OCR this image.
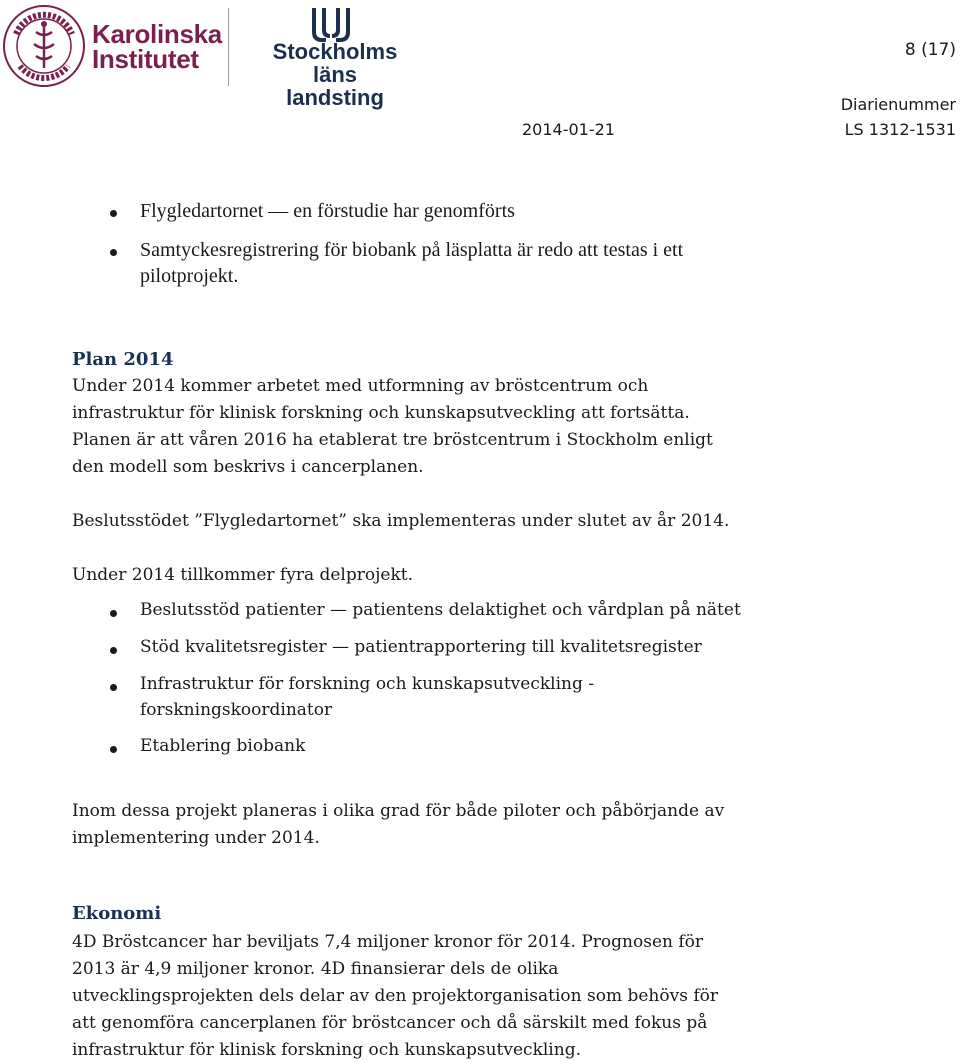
Karolinska
Institutet	Stockholms läns
landsting
8 (17)
Diarienummer
2014-01-21	LS 1312-1531
Flygledartornet — en förstudie har genomförts
Samtyckesregistrering för biobank på läsplatta är redo att testas i ett
pilotprojekt.
Plan 2014
Under 2014 kommer arbetet med utformning av bröstcentrum och
infrastruktur för klinisk forskning och kunskapsutveckling att fortsätta.
Planen är att våren 2016 ha etablerat tre bröstcentrum i Stockholm enligt
den modell som beskrivs i cancerplanen.
Beslutsstödet ”Flygledartornet” ska implementeras under slutet av år 2014.
Under 2014 tillkommer fyra delprojekt.
Beslutsstöd patienter — patientens delaktighet och vårdplan på nätet
Stöd kvalitetsregister — patientrapportering till kvalitetsregister
Infrastruktur för forskning och kunskapsutveckling -
forskningskoordinator
Etablering biobank
Inom dessa projekt planeras i olika grad för både piloter och påbörjande av
implementering under 2014.
Ekonomi
4D Bröstcancer har beviljats 7,4 miljoner kronor för 2014. Prognosen för
2013 är 4,9 miljoner kronor. 4D finansierar dels de olika
utvecklingsprojekten dels delar av den projektorganisation som behövs för
att genomföra cancerplanen för bröstcancer och då särskilt med fokus på
infrastruktur för klinisk forskning och kunskapsutveckling.
